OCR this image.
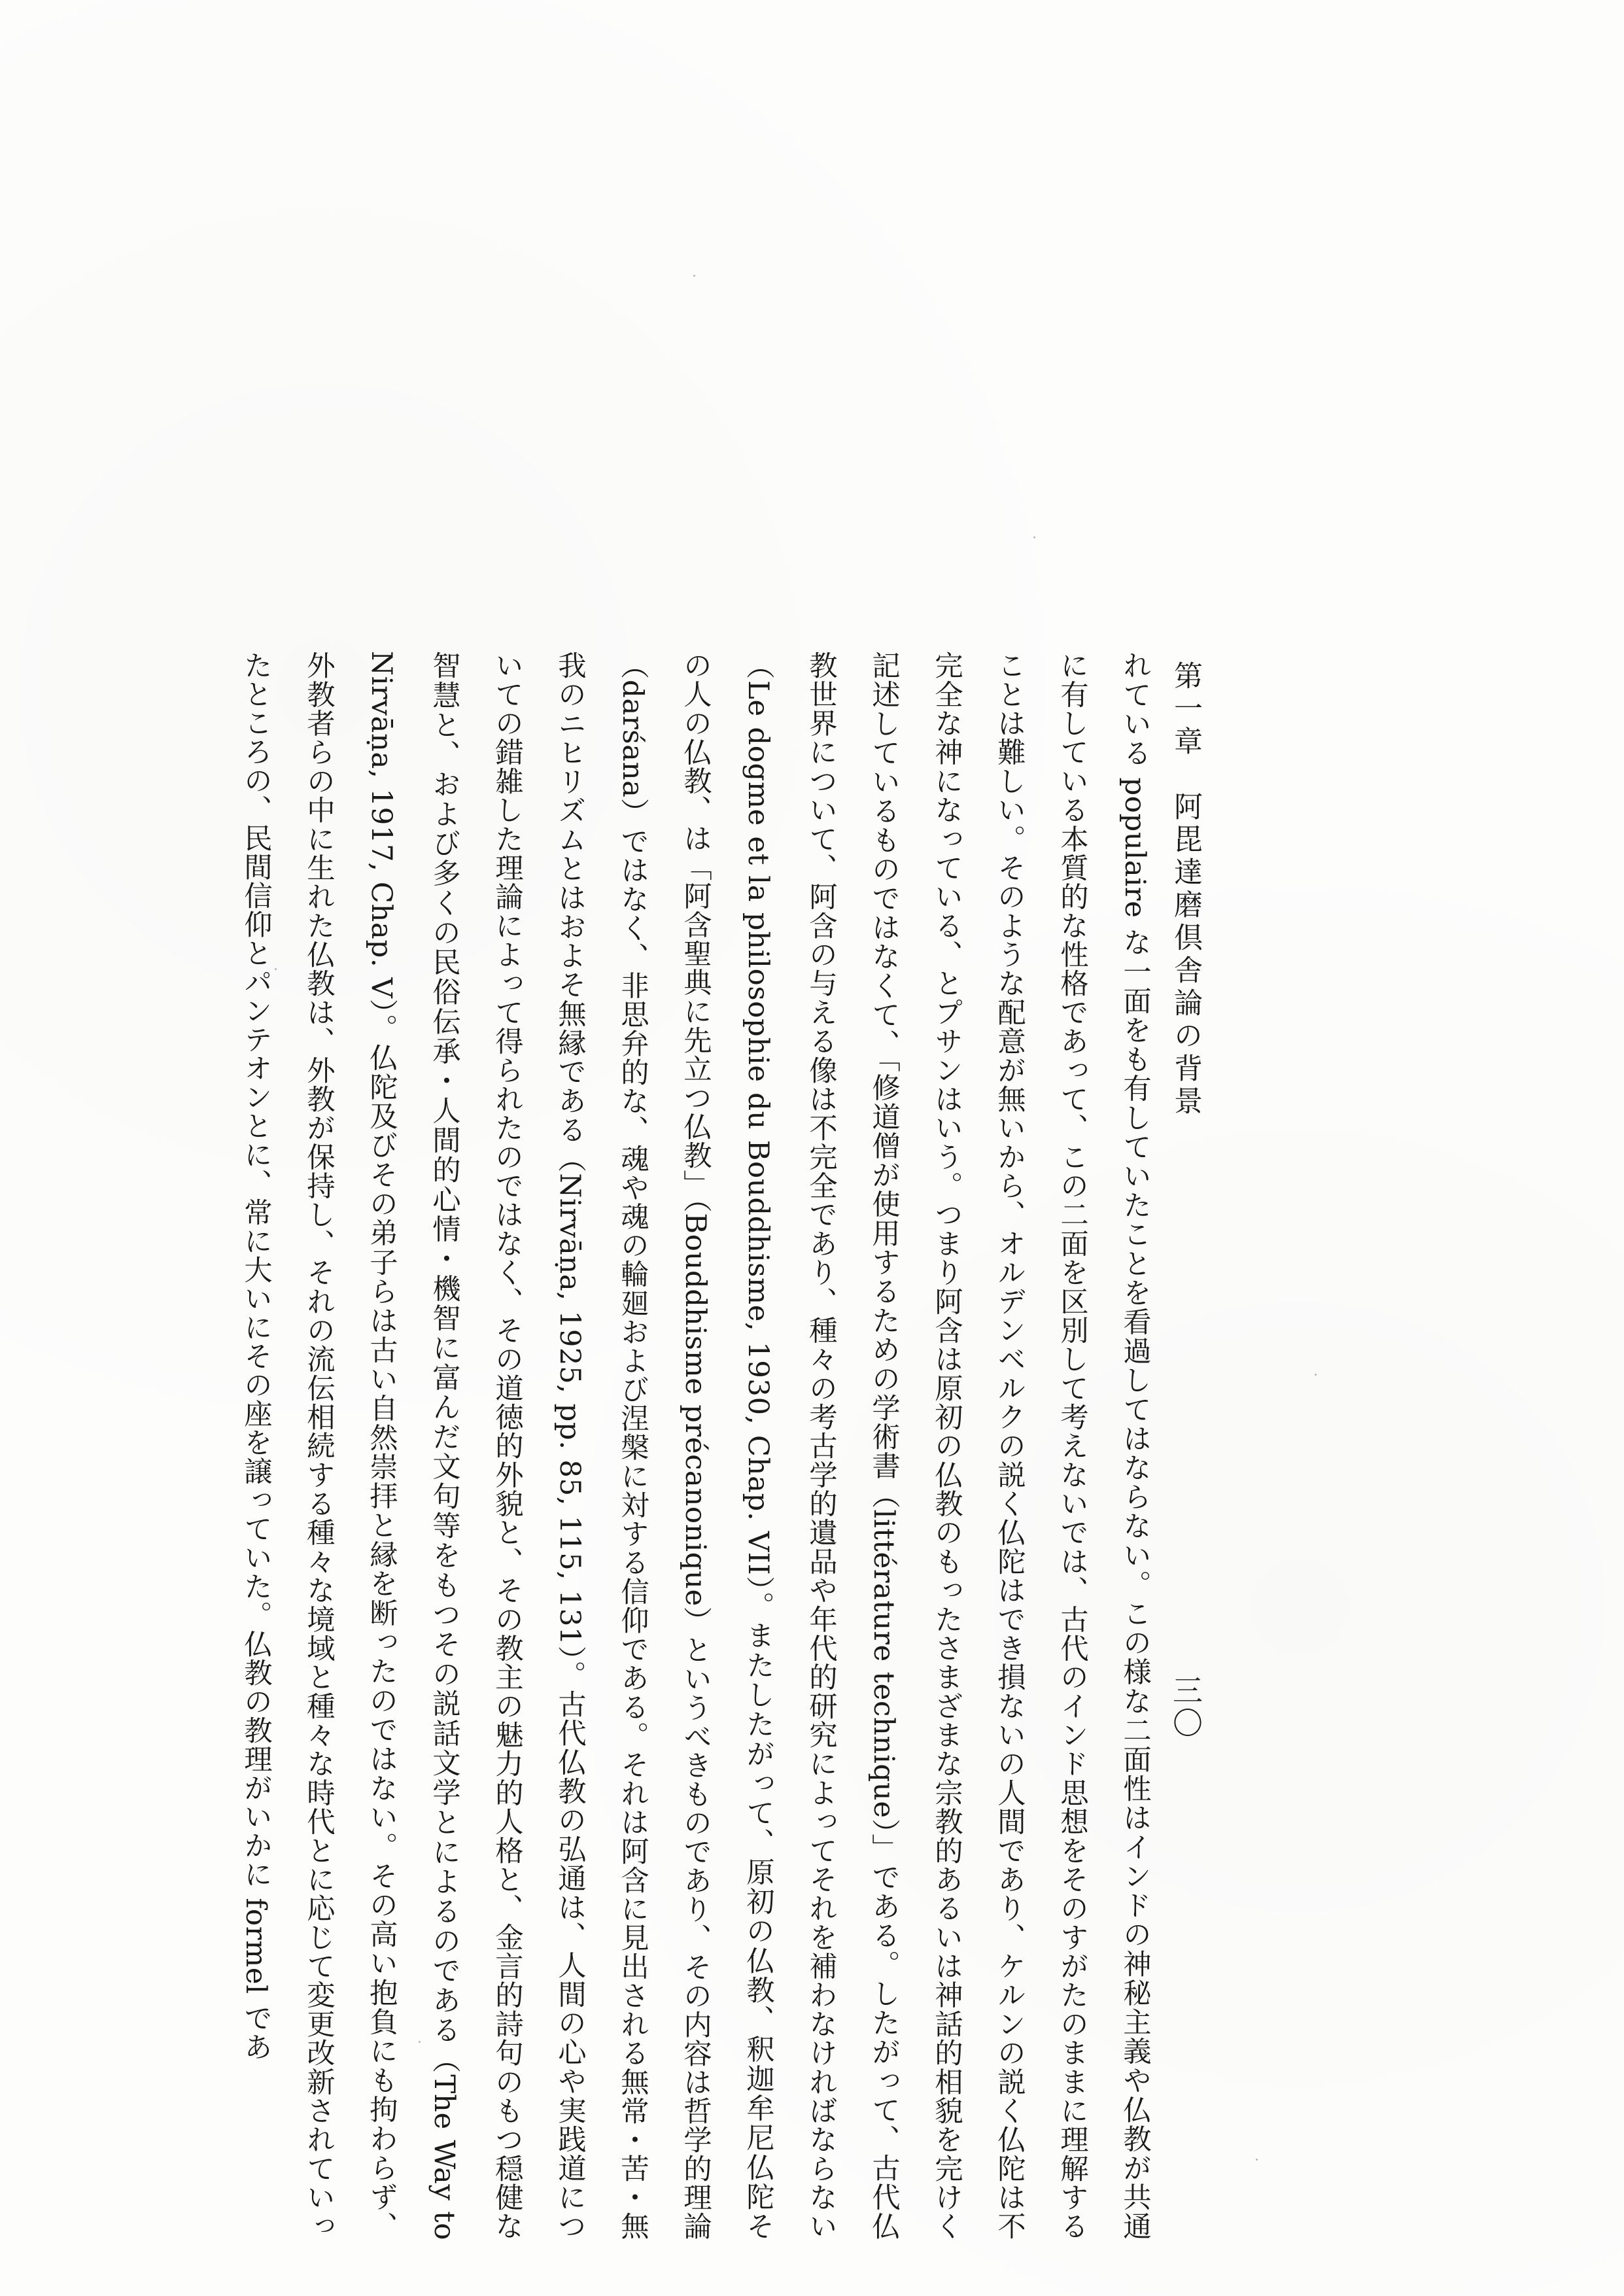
第一章　阿毘達磨倶舎論の背景
三〇
れている populaire な一面をも有していたことを看過してはならない。この様な二面性はインドの神秘主義や仏教が共通に有している本質的な性格であって、この二面を区別して考えないでは、古代のインド思想をそのすがたのままに理解することは難しい。そのような配意が無いから、オルデンベルクの説く仏陀はでき損ないの人間であり、ケルンの説く仏陀は不完全な神になっている、とプサンはいう。つまり阿含は原初の仏教のもったさまざまな宗教的あるいは神話的相貌を完けく記述しているものではなくて、「修道僧が使用するための学術書（littérature technique）」である。したがって、古代仏教世界について、阿含の与える像は不完全であり、種々の考古学的遺品や年代的研究によってそれを補わなければならない（Le dogme et la philosophie du Bouddhisme, 1930, Chap. VII）。またしたがって、原初の仏教、釈迦牟尼仏陀その人の仏教、は「阿含聖典に先立つ仏教」（Bouddhisme précanonique）というべきものであり、その内容は哲学的理論（darśana）ではなく、非思弁的な、魂や魂の輪廻および涅槃に対する信仰である。それは阿含に見出される無常・苦・無我のニヒリズムとはおよそ無縁である（Nirvāṇa, 1925, pp. 85, 115, 131）。古代仏教の弘通は、人間の心や実践道についての錯雑した理論によって得られたのではなく、その道徳的外貌と、その教主の魅力的人格と、金言的詩句のもつ穏健な智慧と、および多くの民俗伝承・人間的心情・機智に富んだ文句等をもつその説話文学とによるのである（The Way to Nirvāṇa, 1917, Chap. V）。仏陀及びその弟子らは古い自然崇拝と縁を断ったのではない。その高い抱負にも拘わらず、外教者らの中に生れた仏教は、外教が保持し、それの流伝相続する種々な境域と種々な時代とに応じて変更改新されていったところの、民間信仰とパンテオンとに、常に大いにその座を譲っていた。仏教の教理がいかに formel であ
